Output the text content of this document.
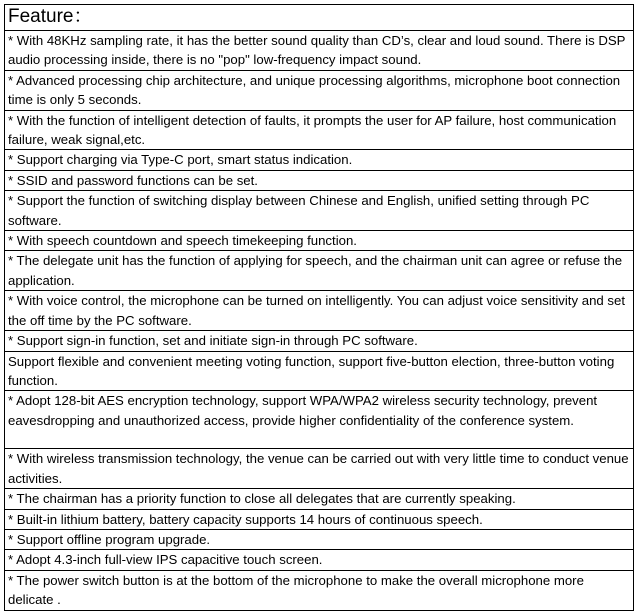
Feature：
* With 48KHz sampling rate, it has the better sound quality than CD’s, clear and loud sound. There is DSP audio processing inside, there is no "pop" low-frequency impact sound.
* Advanced processing chip architecture, and unique processing algorithms, microphone boot connection time is only 5 seconds.
* With the function of intelligent detection of faults, it prompts the user for AP failure, host communication failure, weak signal,etc.
* Support charging via Type-C port, smart status indication.
* SSID and password functions can be set.
* Support the function of switching display between Chinese and English, unified setting through PC software.
* With speech countdown and speech timekeeping function.
* The delegate unit has the function of applying for speech, and the chairman unit can agree or refuse the application.
* With voice control, the microphone can be turned on intelligently. You can adjust voice sensitivity and set the off time by the PC software.
* Support sign-in function, set and initiate sign-in through PC software.
Support flexible and convenient meeting voting function, support five-button election, three-button voting function.
* Adopt 128-bit AES encryption technology, support WPA/WPA2 wireless security technology, prevent eavesdropping and unauthorized access, provide higher confidentiality of the conference system.
* With wireless transmission technology, the venue can be carried out with very little time to conduct venue activities.
* The chairman has a priority function to close all delegates that are currently speaking.
* Built-in lithium battery, battery capacity supports 14 hours of continuous speech.
* Support offline program upgrade.
* Adopt 4.3-inch full-view IPS capacitive touch screen.
* The power switch button is at the bottom of the microphone to make the overall microphone more delicate .
